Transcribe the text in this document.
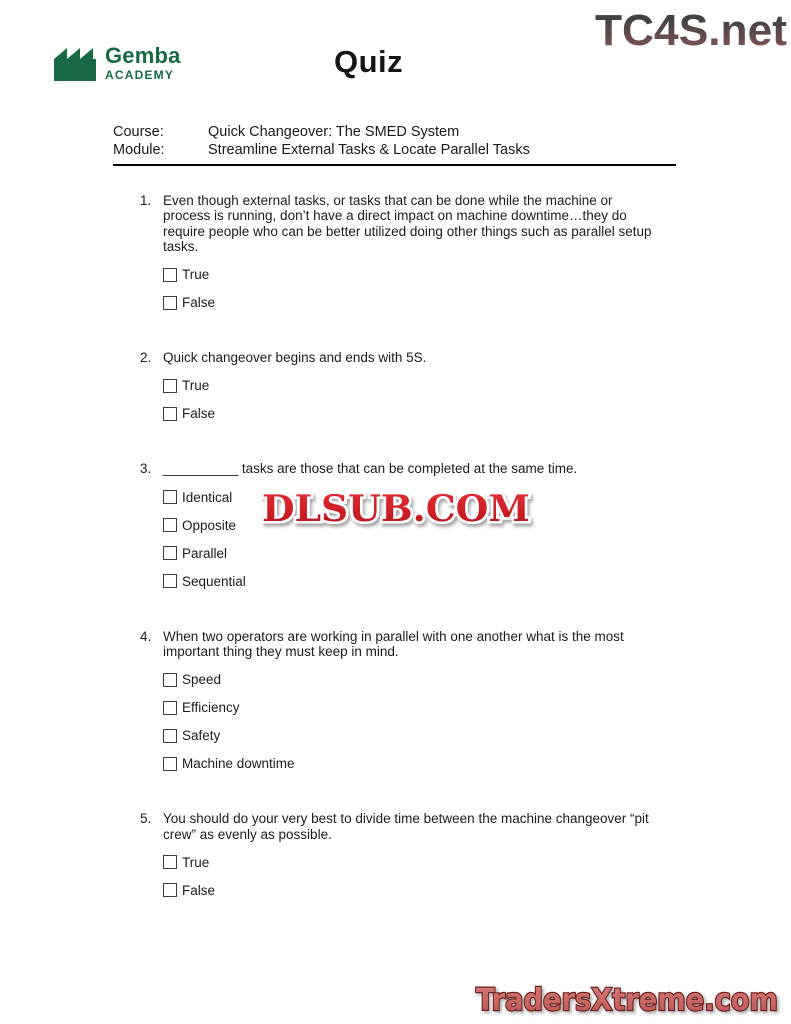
Gemba
ACADEMY	Quiz
TC4S.net
Course:	Quick Changeover: The SMED System
Module:	Streamline External Tasks & Locate Parallel Tasks
1. Even though external tasks, or tasks that can be done while the machine or process is running, don’t have a direct impact on machine downtime…they do require people who can be better utilized doing other things such as parallel setup tasks.
True
False
2. Quick changeover begins and ends with 5S.
True
False
3. __________ tasks are those that can be completed at the same time.
Identical
Opposite
Parallel
Sequential
4. When two operators are working in parallel with one another what is the most important thing they must keep in mind.
Speed
Efficiency
Safety
Machine downtime
5. You should do your very best to divide time between the machine changeover “pit crew” as evenly as possible.
True
False
DLSUB.COM
TradersXtreme.com
